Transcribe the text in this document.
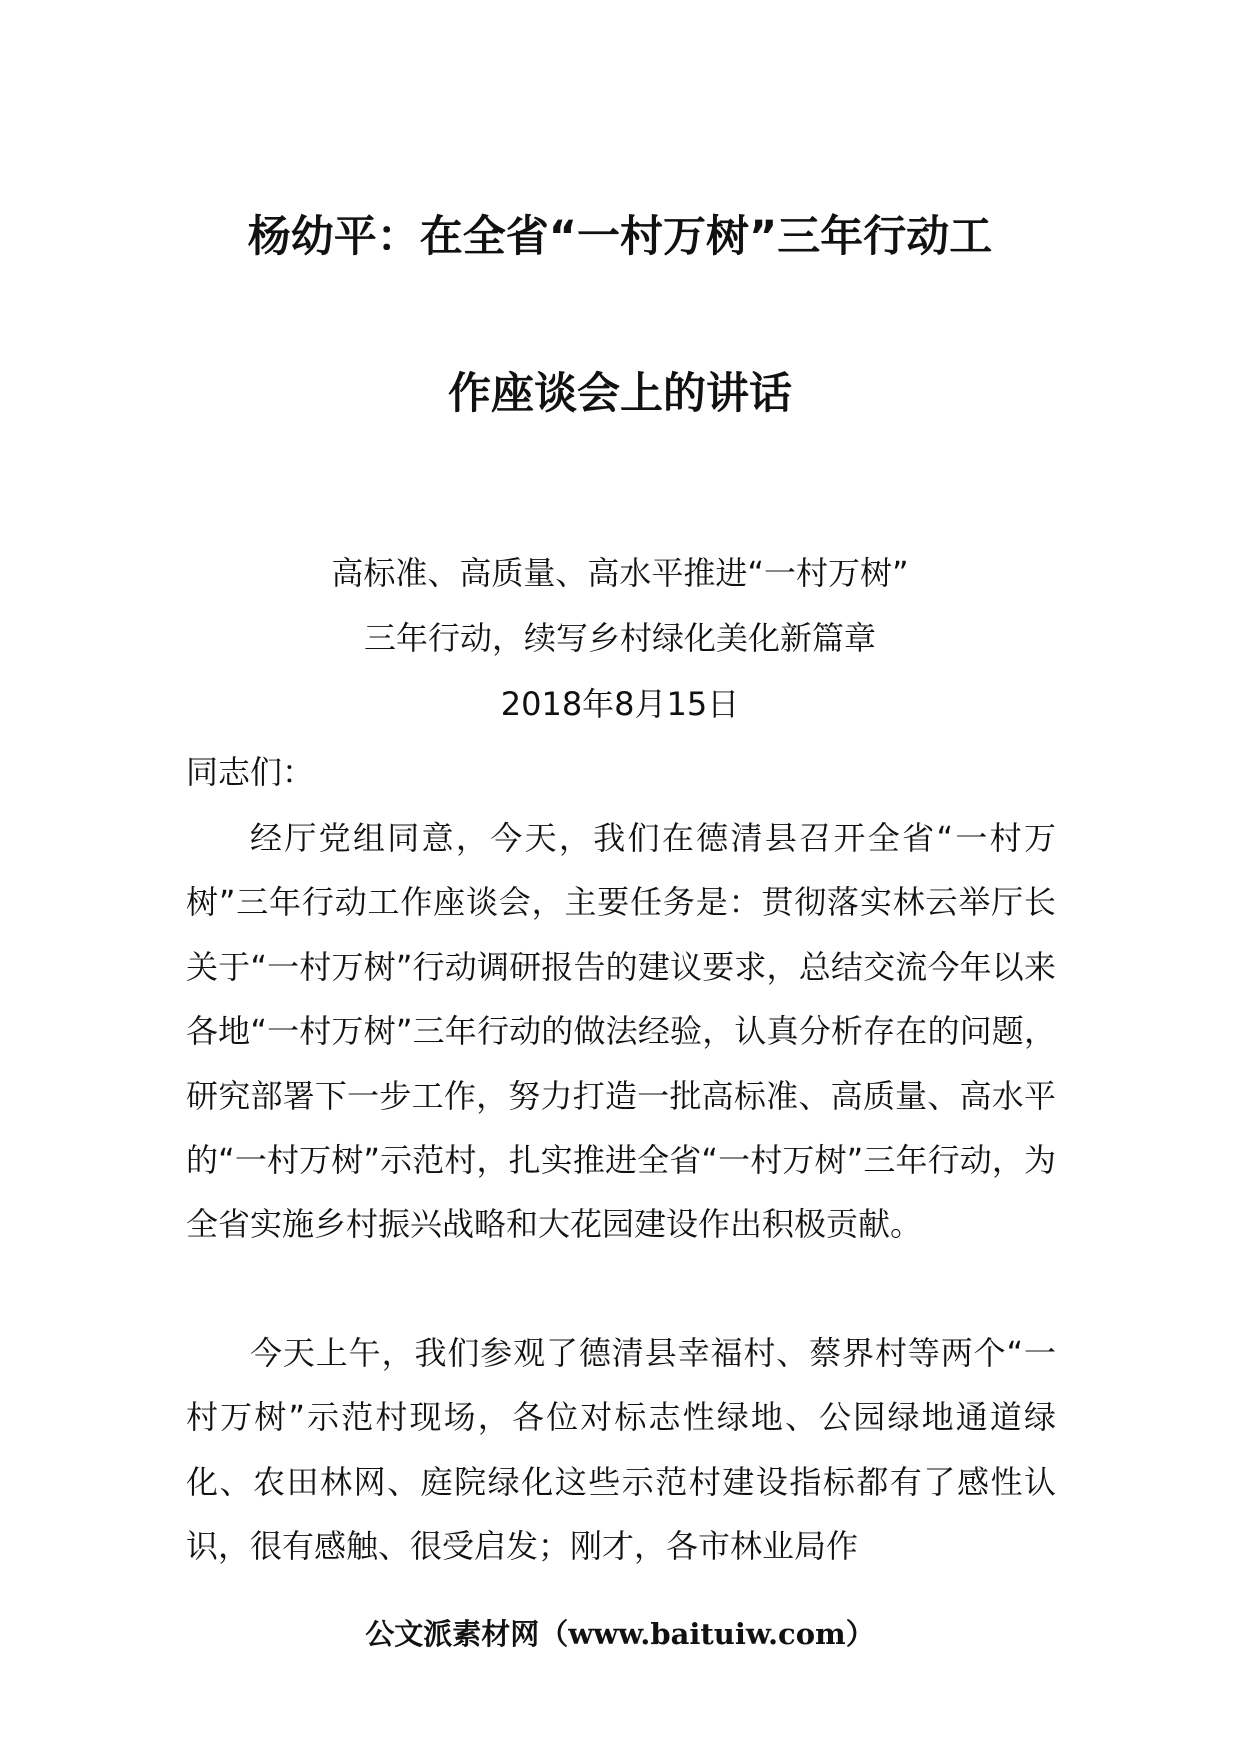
杨幼平：在全省“一村万树”三年行动工
作座谈会上的讲话
高标准、高质量、高水平推进“一村万树”
三年行动，续写乡村绿化美化新篇章
2018年8月15日
同志们：
经厅党组同意，今天，我们在德清县召开全省“一村万树”三年行动工作座谈会，主要任务是：贯彻落实林云举厅长关于“一村万树”行动调研报告的建议要求，总结交流今年以来各地“一村万树”三年行动的做法经验，认真分析存在的问题，研究部署下一步工作，努力打造一批高标准、高质量、高水平的“一村万树”示范村，扎实推进全省“一村万树”三年行动，为全省实施乡村振兴战略和大花园建设作出积极贡献。
今天上午，我们参观了德清县幸福村、蔡界村等两个“一村万树”示范村现场，各位对标志性绿地、公园绿地通道绿化、农田林网、庭院绿化这些示范村建设指标都有了感性认识，很有感触、很受启发；刚才，各市林业局作
公文派素材网（www.baituiw.com）
